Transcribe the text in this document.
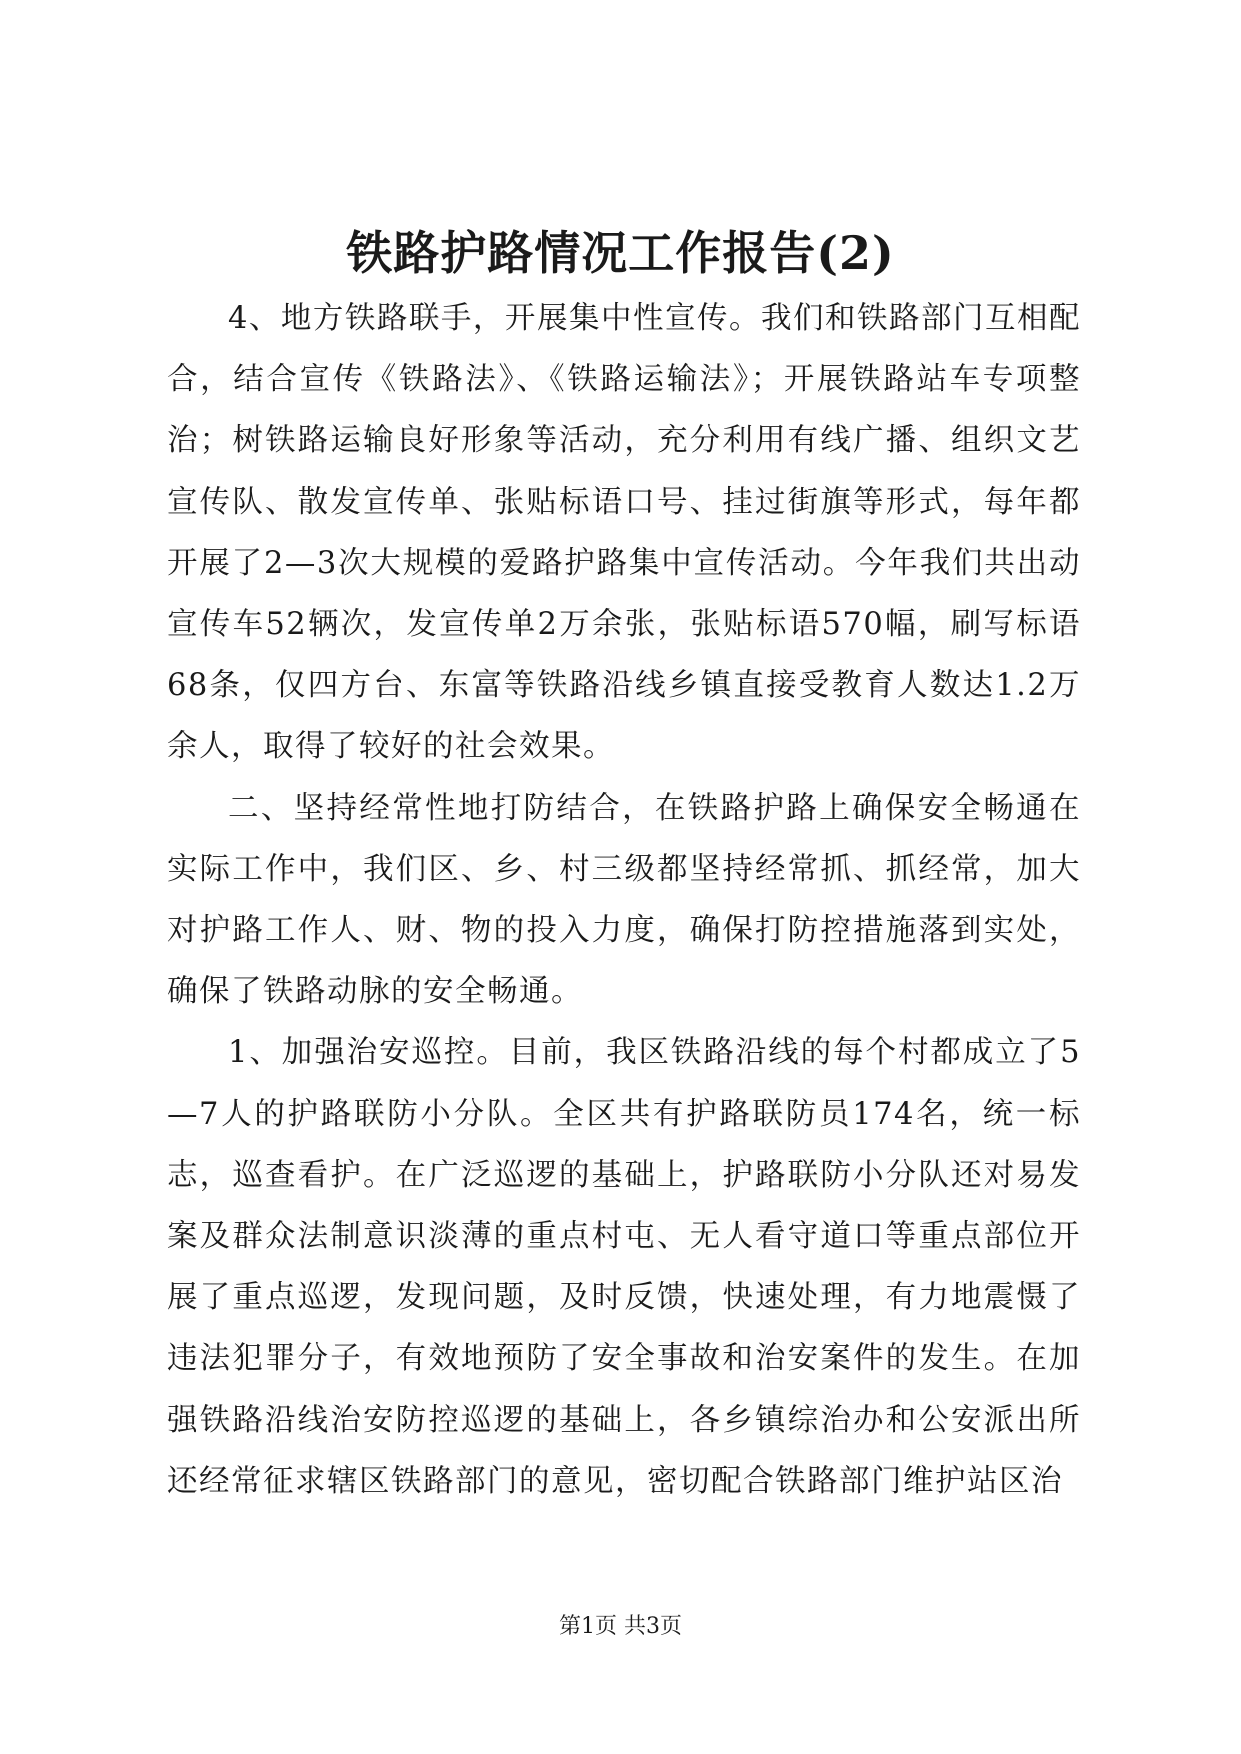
铁路护路情况工作报告(2)

4、地方铁路联手，开展集中性宣传。我们和铁路部门互相配合，结合宣传《铁路法》、《铁路运输法》；开展铁路站车专项整治；树铁路运输良好形象等活动，充分利用有线广播、组织文艺宣传队、散发宣传单、张贴标语口号、挂过街旗等形式，每年都开展了2—3次大规模的爱路护路集中宣传活动。今年我们共出动宣传车52辆次，发宣传单2万余张，张贴标语570幅，刷写标语68条，仅四方台、东富等铁路沿线乡镇直接受教育人数达1.2万余人，取得了较好的社会效果。

二、坚持经常性地打防结合，在铁路护路上确保安全畅通在实际工作中，我们区、乡、村三级都坚持经常抓、抓经常，加大对护路工作人、财、物的投入力度，确保打防控措施落到实处，确保了铁路动脉的安全畅通。

1、加强治安巡控。目前，我区铁路沿线的每个村都成立了5—7人的护路联防小分队。全区共有护路联防员174名，统一标志，巡查看护。在广泛巡逻的基础上，护路联防小分队还对易发案及群众法制意识淡薄的重点村屯、无人看守道口等重点部位开展了重点巡逻，发现问题，及时反馈，快速处理，有力地震慑了违法犯罪分子，有效地预防了安全事故和治安案件的发生。在加强铁路沿线治安防控巡逻的基础上，各乡镇综治办和公安派出所还经常征求辖区铁路部门的意见，密切配合铁路部门维护站区治

第1页 共3页
